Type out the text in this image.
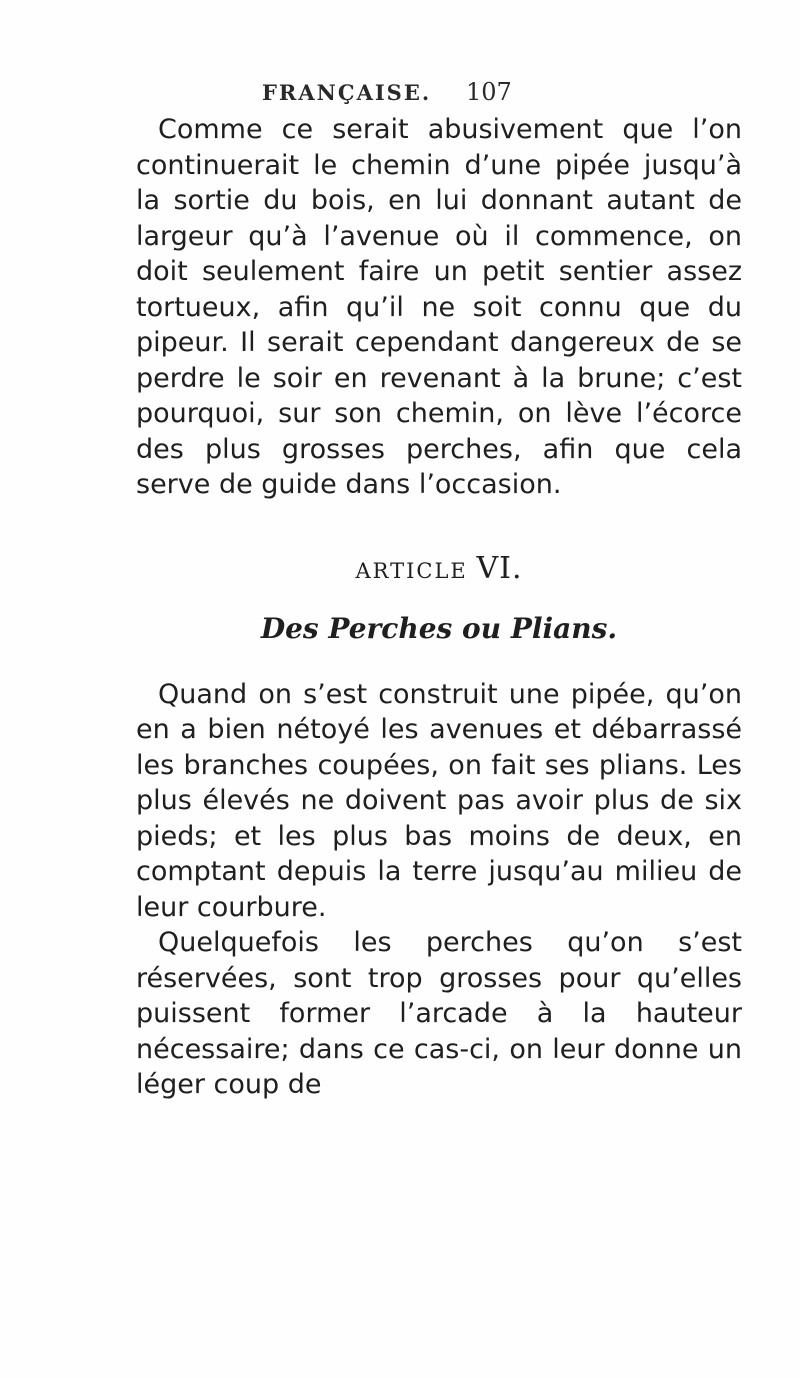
FRANÇAISE. 107

Comme ce serait abusivement que l’on continuerait le chemin d’une pipée jusqu’à la sortie du bois, en lui donnant autant de largeur qu’à l’avenue où il commence, on doit seulement faire un petit sentier assez tortueux, afin qu’il ne soit connu que du pipeur. Il serait cependant dangereux de se perdre le soir en revenant à la brune; c’est pourquoi, sur son chemin, on lève l’écorce des plus grosses perches, afin que cela serve de guide dans l’occasion.

ARTICLE VI.
Des Perches ou Plians.

Quand on s’est construit une pipée, qu’on en a bien nétoyé les avenues et débarrassé les branches coupées, on fait ses plians. Les plus élevés ne doivent pas avoir plus de six pieds; et les plus bas moins de deux, en comptant depuis la terre jusqu’au milieu de leur courbure.

Quelquefois les perches qu’on s’est réservées, sont trop grosses pour qu’elles puissent former l’arcade à la hauteur nécessaire; dans ce cas-ci, on leur donne un léger coup de
